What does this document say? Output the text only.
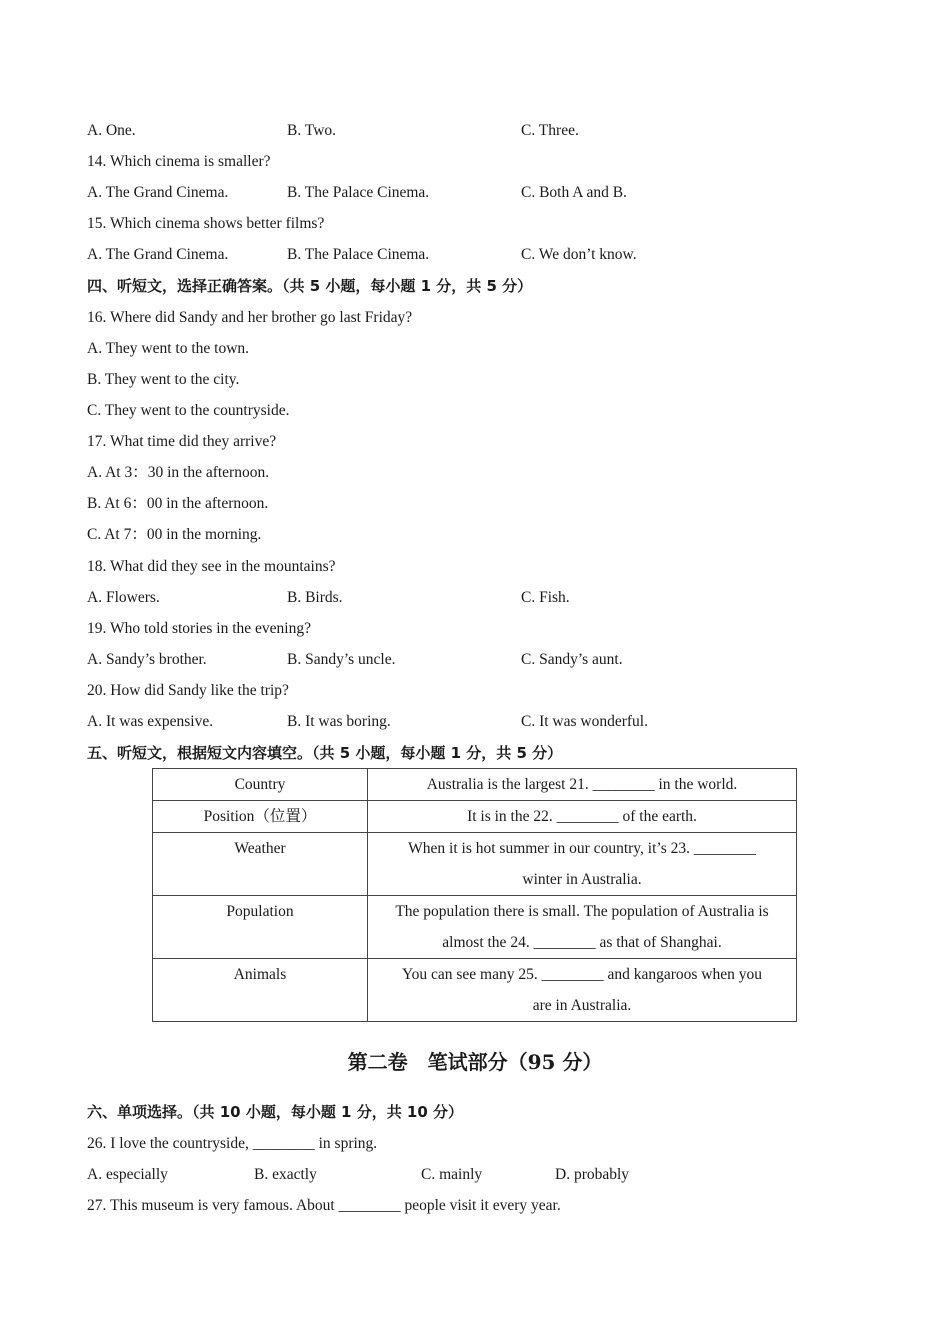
A. One.	B. Two.	C. Three.
14. Which cinema is smaller?
A. The Grand Cinema.	B. The Palace Cinema.	C. Both A and B.
15. Which cinema shows better films?
A. The Grand Cinema.	B. The Palace Cinema.	C. We don’t know.
四、听短文，选择正确答案。（共 5 小题，每小题 1 分，共 5 分）
16. Where did Sandy and her brother go last Friday?
A. They went to the town.
B. They went to the city.
C. They went to the countryside.
17. What time did they arrive?
A. At 3：30 in the afternoon.
B. At 6：00 in the afternoon.
C. At 7：00 in the morning.
18. What did they see in the mountains?
A. Flowers.	B. Birds.	C. Fish.
19. Who told stories in the evening?
A. Sandy’s brother.	B. Sandy’s uncle.	C. Sandy’s aunt.
20. How did Sandy like the trip?
A. It was expensive.	B. It was boring.	C. It was wonderful.
五、听短文，根据短文内容填空。（共 5 小题，每小题 1 分，共 5 分）
Country	Australia is the largest 21. ________ in the world.
Position（位置）	It is in the 22. ________ of the earth.
Weather	When it is hot summer in our country, it’s 23. ________
winter in Australia.

Population	The population there is small. The population of Australia is
almost the 24. ________ as that of Shanghai.

Animals	You can see many 25. ________ and kangaroos when you
are in Australia.
第二卷　笔试部分（95 分）
六、单项选择。（共 10 小题，每小题 1 分，共 10 分）
26. I love the countryside, ________ in spring.
A. especially	B. exactly	C. mainly	D. probably
27. This museum is very famous. About ________ people visit it every year.
